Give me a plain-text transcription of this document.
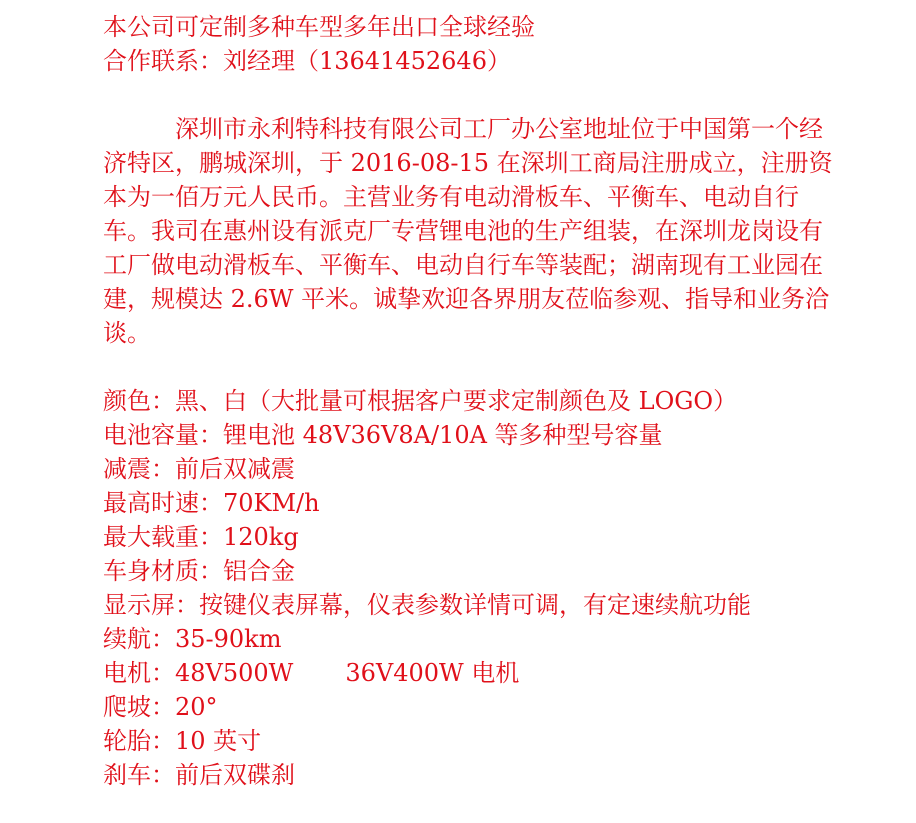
本公司可定制多种车型多年出口全球经验
合作联系：刘经理（13641452646）
深圳市永利特科技有限公司工厂办公室地址位于中国第一个经济特区，鹏城深圳，于 2016-08-15 在深圳工商局注册成立，注册资本为一佰万元人民币。主营业务有电动滑板车、平衡车、电动自行车。我司在惠州设有派克厂专营锂电池的生产组装，在深圳龙岗设有工厂做电动滑板车、平衡车、电动自行车等装配；湖南现有工业园在建，规模达 2.6W 平米。诚挚欢迎各界朋友莅临参观、指导和业务洽谈。
颜色：黑、白（大批量可根据客户要求定制颜色及 LOGO）
电池容量：锂电池 48V36V8A/10A 等多种型号容量
减震：前后双减震
最高时速：70KM/h
最大载重：120kg
车身材质：铝合金
显示屏：按键仪表屏幕，仪表参数详情可调，有定速续航功能
续航：35-90km
电机：48V500W 36V400W 电机
爬坡：20°
轮胎：10 英寸
刹车：前后双碟刹
